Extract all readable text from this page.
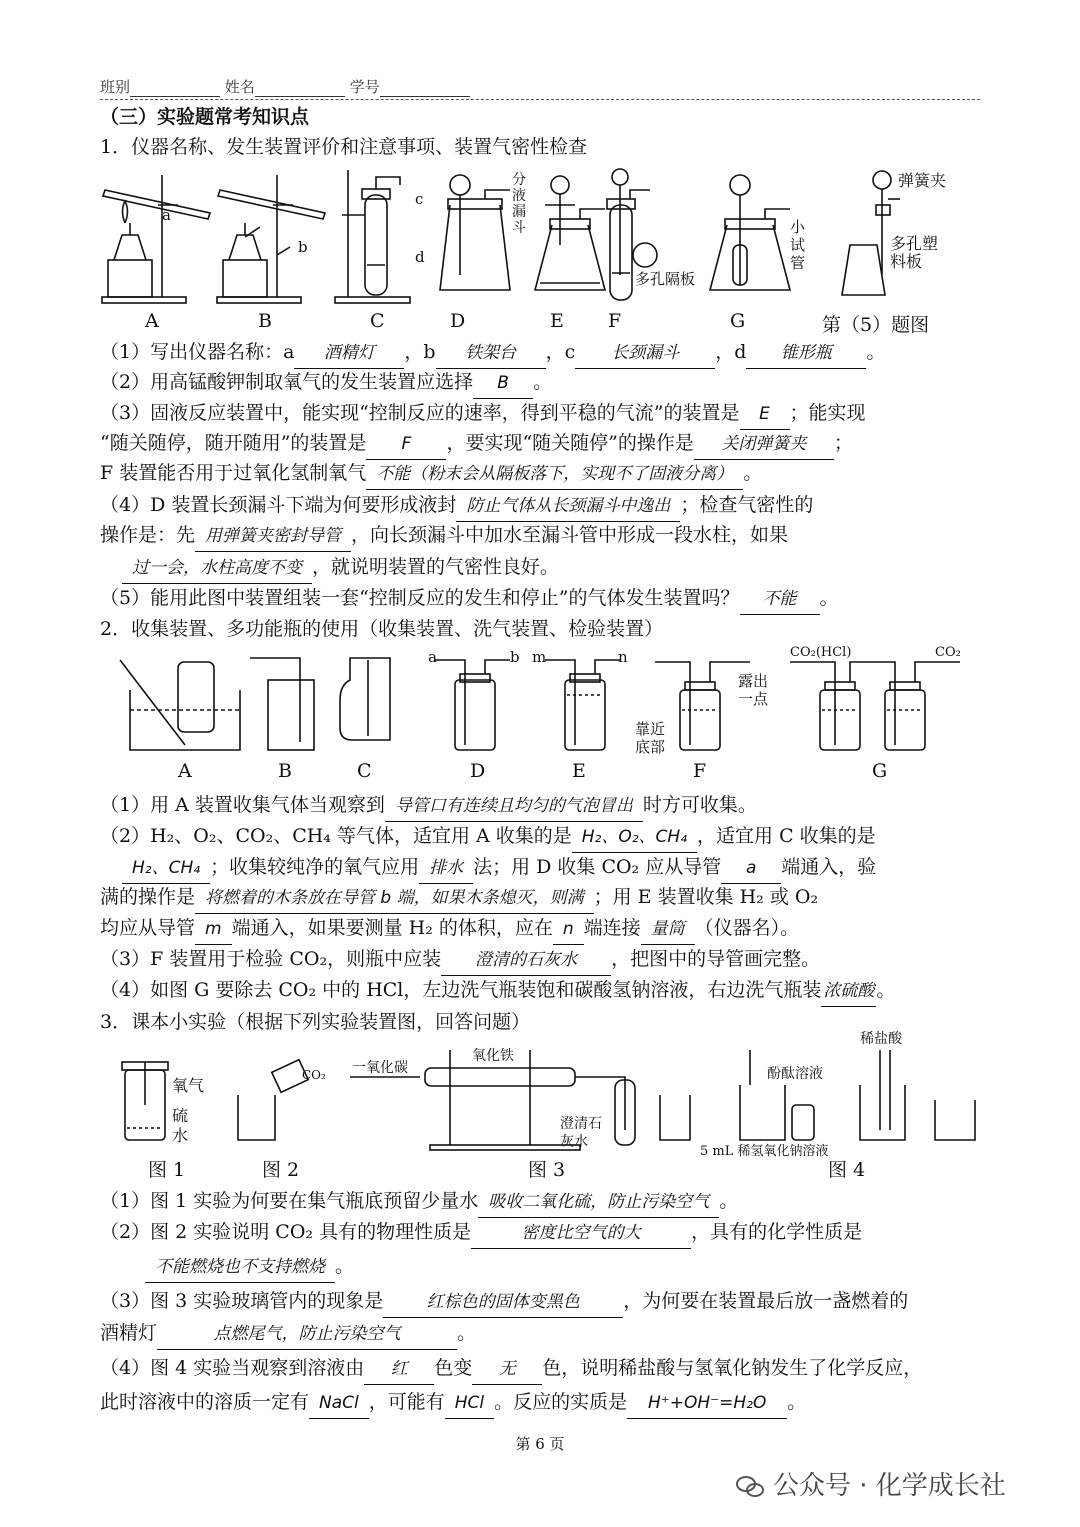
班别	姓名	学号
（三）实验题常考知识点
1．仪器名称、发生装置评价和注意事项、装置气密性检查
a
A	B	C	D	E F	G	第（5）题图
b
c
d
分液漏斗
多孔隔板
小试管
弹簧夹
多孔塑料板
（1）写出仪器名称：a 酒精灯 ，b 铁架台 ，c 长颈漏斗 ，d 锥形瓶 。
（2）用高锰酸钾制取氧气的发生装置应选择 B 。
（3）固液反应装置中，能实现“控制反应的速率，得到平稳的气流”的装置是 E ；能实现
“随关随停，随开随用”的装置是 F ，要实现“随关随停”的操作是 关闭弹簧夹 ；
F 装置能否用于过氧化氢制氧气 不能（粉末会从隔板落下，实现不了固液分离） 。
（4）D 装置长颈漏斗下端为何要形成液封 防止气体从长颈漏斗中逸出 ；检查气密性的
操作是：先 用弹簧夹密封导管 ，向长颈漏斗中加水至漏斗管中形成一段水柱，如果
过一会，水柱高度不变 ，就说明装置的气密性良好。
（5）能用此图中装置组装一套“控制反应的发生和停止”的气体发生装置吗？ 不能 。
2．收集装置、多功能瓶的使用（收集装置、洗气装置、检验装置）
a	b m	n
露出一点
靠近底部
CO₂(HCl)	CO₂
A	B	C	D	E	F	G
（1）用 A 装置收集气体当观察到 导管口有连续且均匀的气泡冒出 时方可收集。
（2）H₂、O₂、CO₂、CH₄ 等气体，适宜用 A 收集的是 H₂、O₂、CH₄ ，适宜用 C 收集的是
H₂、CH₄ ；收集较纯净的氧气应用 排水 法；用 D 收集 CO₂ 应从导管 a 端通入，验
满的操作是 将燃着的木条放在导管 b 端，如果木条熄灭，则满 ；用 E 装置收集 H₂ 或 O₂
均应从导管 m 端通入，如果要测量 H₂ 的体积，应在 n 端连接 量筒 （仪器名）。
（3）F 装置用于检验 CO₂，则瓶中应装 澄清的石灰水 ，把图中的导管画完整。
（4）如图 G 要除去 CO₂ 中的 HCl，左边洗气瓶装饱和碳酸氢钠溶液，右边洗气瓶装 浓硫酸 。
3．课本小实验（根据下列实验装置图，回答问题）
氧气
硫
水
CO₂ 一氧化碳
氧化铁
澄清石灰水
酚酞溶液
稀盐酸
5 mL 稀氢氧化钠溶液
图 1	图 2	图 3	图 4
（1）图 1 实验为何要在集气瓶底预留少量水 吸收二氧化硫，防止污染空气 。
（2）图 2 实验说明 CO₂ 具有的物理性质是	密度比空气的大	，具有的化学性质是
不能燃烧也不支持燃烧 。
（3）图 3 实验玻璃管内的现象是	红棕色的固体变黑色 ，为何要在装置最后放一盏燃着的
酒精灯	点燃尾气，防止污染空气	。
（4）图 4 实验当观察到溶液由 红 色变 无 色，说明稀盐酸与氢氧化钠发生了化学反应，
此时溶液中的溶质一定有 NaCl ，可能有 HCl 。反应的实质是 H⁺+OH⁻=H₂O 。
第 6 页
公众号 · 化学成长社
